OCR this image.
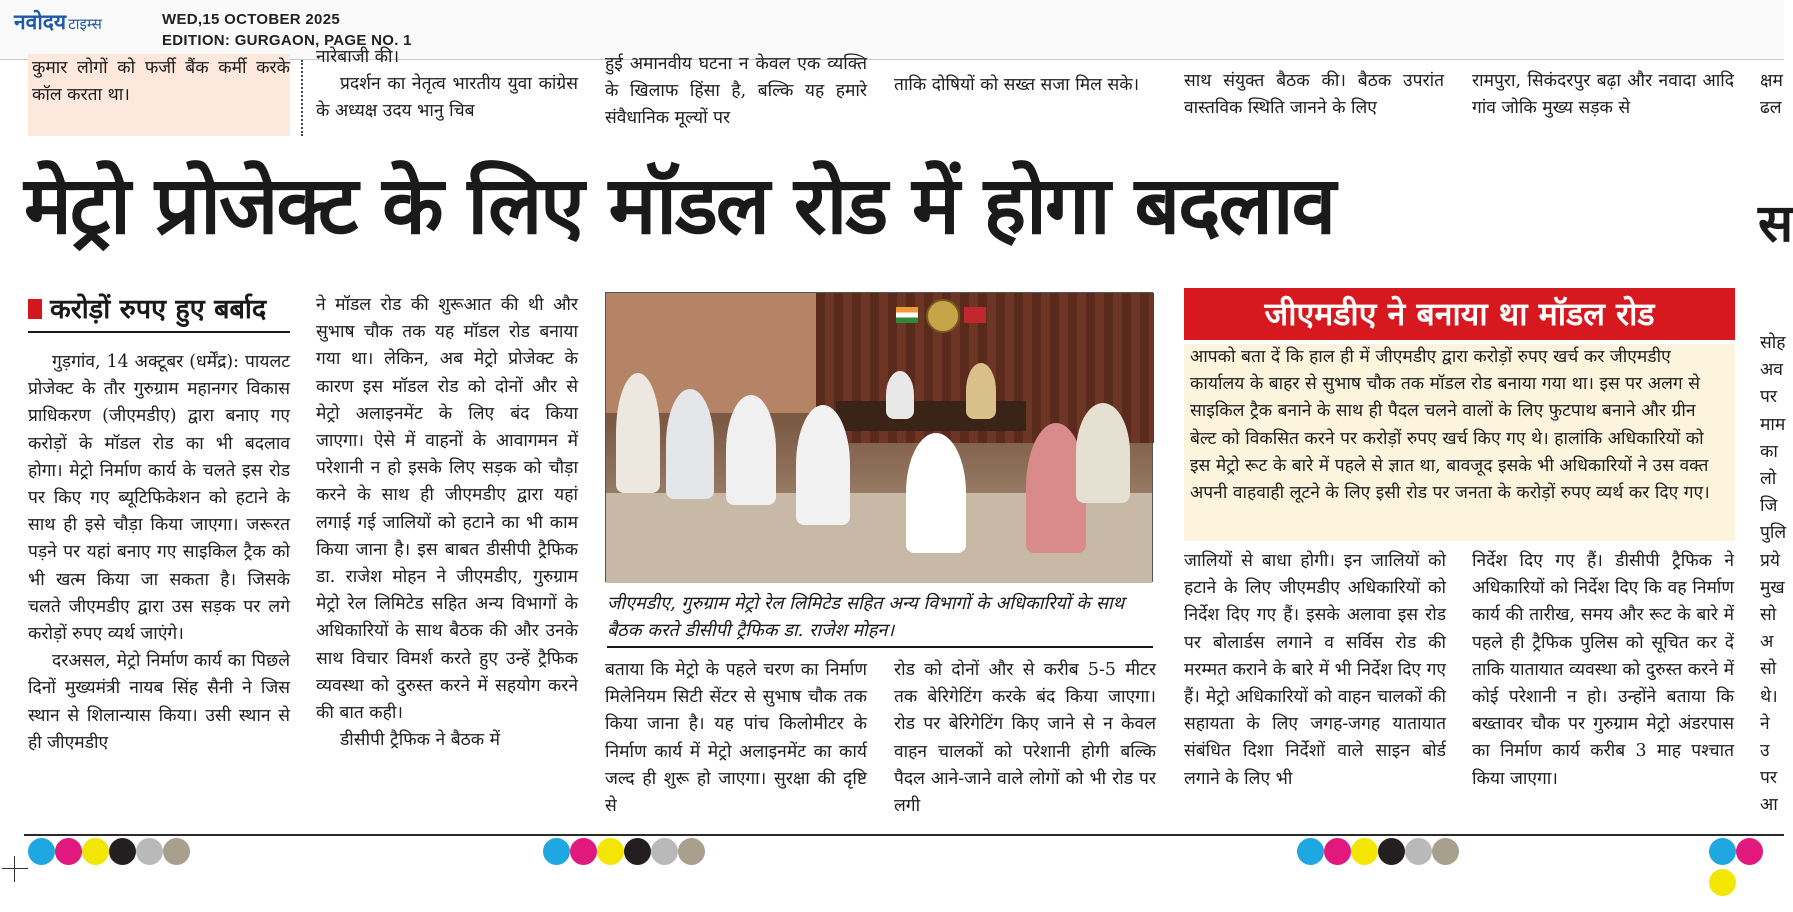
नवोदय टाइम्स	WED,15 OCTOBER 2025
EDITION: GURGAON, PAGE NO. 1

कुमार लोगों को फर्जी बैंक कर्मी करके कॉल करता था।

नारेबाजी की।

प्रदर्शन का नेतृत्व भारतीय युवा कांग्रेस के अध्यक्ष उदय भानु चिब

हुई अमानवीय घटना न केवल एक व्यक्ति के खिलाफ हिंसा है, बल्कि यह हमारे संवैधानिक मूल्यों पर

ताकि दोषियों को सख्त सजा मिल सके।	साथ संयुक्त बैठक की। बैठक उपरांत वास्तविक स्थिति जानने के लिए

रामपुरा, सिकंदरपुर बढ़ा और नवादा आदि गांव जोकि मुख्य सड़क से

क्षम ढल

मेट्रो प्रोजेक्ट के लिए मॉडल रोड में होगा बदलाव	स
करोड़ों रुपए हुए बर्बाद

गुड़गांव, 14 अक्टूबर (धर्मेंद्र): पायलट प्रोजेक्ट के तौर गुरुग्राम महानगर विकास प्राधिकरण (जीएमडीए) द्वारा बनाए गए करोड़ों के मॉडल रोड का भी बदलाव होगा। मेट्रो निर्माण कार्य के चलते इस रोड पर किए गए ब्यूटिफिकेशन को हटाने के साथ ही इसे चौड़ा किया जाएगा। जरूरत पड़ने पर यहां बनाए गए साइकिल ट्रैक को भी खत्म किया जा सकता है। जिसके चलते जीएमडीए द्वारा उस सड़क पर लगे करोड़ों रुपए व्यर्थ जाएंगे।

दरअसल, मेट्रो निर्माण कार्य का पिछले दिनों मुख्यमंत्री नायब सिंह सैनी ने जिस स्थान से शिलान्यास किया। उसी स्थान से ही जीएमडीए

ने मॉडल रोड की शुरूआत की थी और सुभाष चौक तक यह मॉडल रोड बनाया गया था। लेकिन, अब मेट्रो प्रोजेक्ट के कारण इस मॉडल रोड को दोनों और से मेट्रो अलाइनमेंट के लिए बंद किया जाएगा। ऐसे में वाहनों के आवागमन में परेशानी न हो इसके लिए सड़क को चौड़ा करने के साथ ही जीएमडीए द्वारा यहां लगाई गई जालियों को हटाने का भी काम किया जाना है। इस बाबत डीसीपी ट्रैफिक डा. राजेश मोहन ने जीएमडीए, गुरुग्राम मेट्रो रेल लिमिटेड सहित अन्य विभागों के अधिकारियों के साथ बैठक की और उनके साथ विचार विमर्श करते हुए उन्हें ट्रैफिक व्यवस्था को दुरुस्त करने में सहयोग करने की बात कही।

डीसीपी ट्रैफिक ने बैठक में

जीएमडीए, गुरुग्राम मेट्रो रेल लिमिटेड सहित अन्य विभागों के अधिकारियों के साथ बैठक करते डीसीपी ट्रैफिक डा. राजेश मोहन।

बताया कि मेट्रो के पहले चरण का निर्माण मिलेनियम सिटी सेंटर से सुभाष चौक तक किया जाना है। यह पांच किलोमीटर के निर्माण कार्य में मेट्रो अलाइनमेंट का कार्य जल्द ही शुरू हो जाएगा। सुरक्षा की दृष्टि से

रोड को दोनों और से करीब 5-5 मीटर तक बेरिगेटिंग करके बंद किया जाएगा। रोड पर बेरिगेटिंग किए जाने से न केवल वाहन चालकों को परेशानी होगी बल्कि पैदल आने-जाने वाले लोगों को भी रोड पर लगी

जीएमडीए ने बनाया था मॉडल रोड

आपको बता दें कि हाल ही में जीएमडीए द्वारा करोड़ों रुपए खर्च कर जीएमडीए कार्यालय के बाहर से सुभाष चौक तक मॉडल रोड बनाया गया था। इस पर अलग से साइकिल ट्रैक बनाने के साथ ही पैदल चलने वालों के लिए फुटपाथ बनाने और ग्रीन बेल्ट को विकसित करने पर करोड़ों रुपए खर्च किए गए थे। हालांकि अधिकारियों को इस मेट्रो रूट के बारे में पहले से ज्ञात था, बावजूद इसके भी अधिकारियों ने उस वक्त अपनी वाहवाही लूटने के लिए इसी रोड पर जनता के करोड़ों रुपए व्यर्थ कर दिए गए।

जालियों से बाधा होगी। इन जालियों को हटाने के लिए जीएमडीए अधिकारियों को निर्देश दिए गए हैं। इसके अलावा इस रोड पर बोलार्डस लगाने व सर्विस रोड की मरम्मत कराने के बारे में भी निर्देश दिए गए हैं। मेट्रो अधिकारियों को वाहन चालकों की सहायता के लिए जगह-जगह यातायात संबंधित दिशा निर्देशों वाले साइन बोर्ड लगाने के लिए भी

निर्देश दिए गए हैं। डीसीपी ट्रैफिक ने अधिकारियों को निर्देश दिए कि वह निर्माण कार्य की तारीख, समय और रूट के बारे में पहले ही ट्रैफिक पुलिस को सूचित कर दें ताकि यातायात व्यवस्था को दुरुस्त करने में कोई परेशानी न हो। उन्होंने बताया कि बख्तावर चौक पर गुरुग्राम मेट्रो अंडरपास का निर्माण कार्य करीब 3 माह पश्चात किया जाएगा।

सोह अव पर माम का लो जि पुलि प्रये मुख सो अ सो थे। ने उ पर आ
